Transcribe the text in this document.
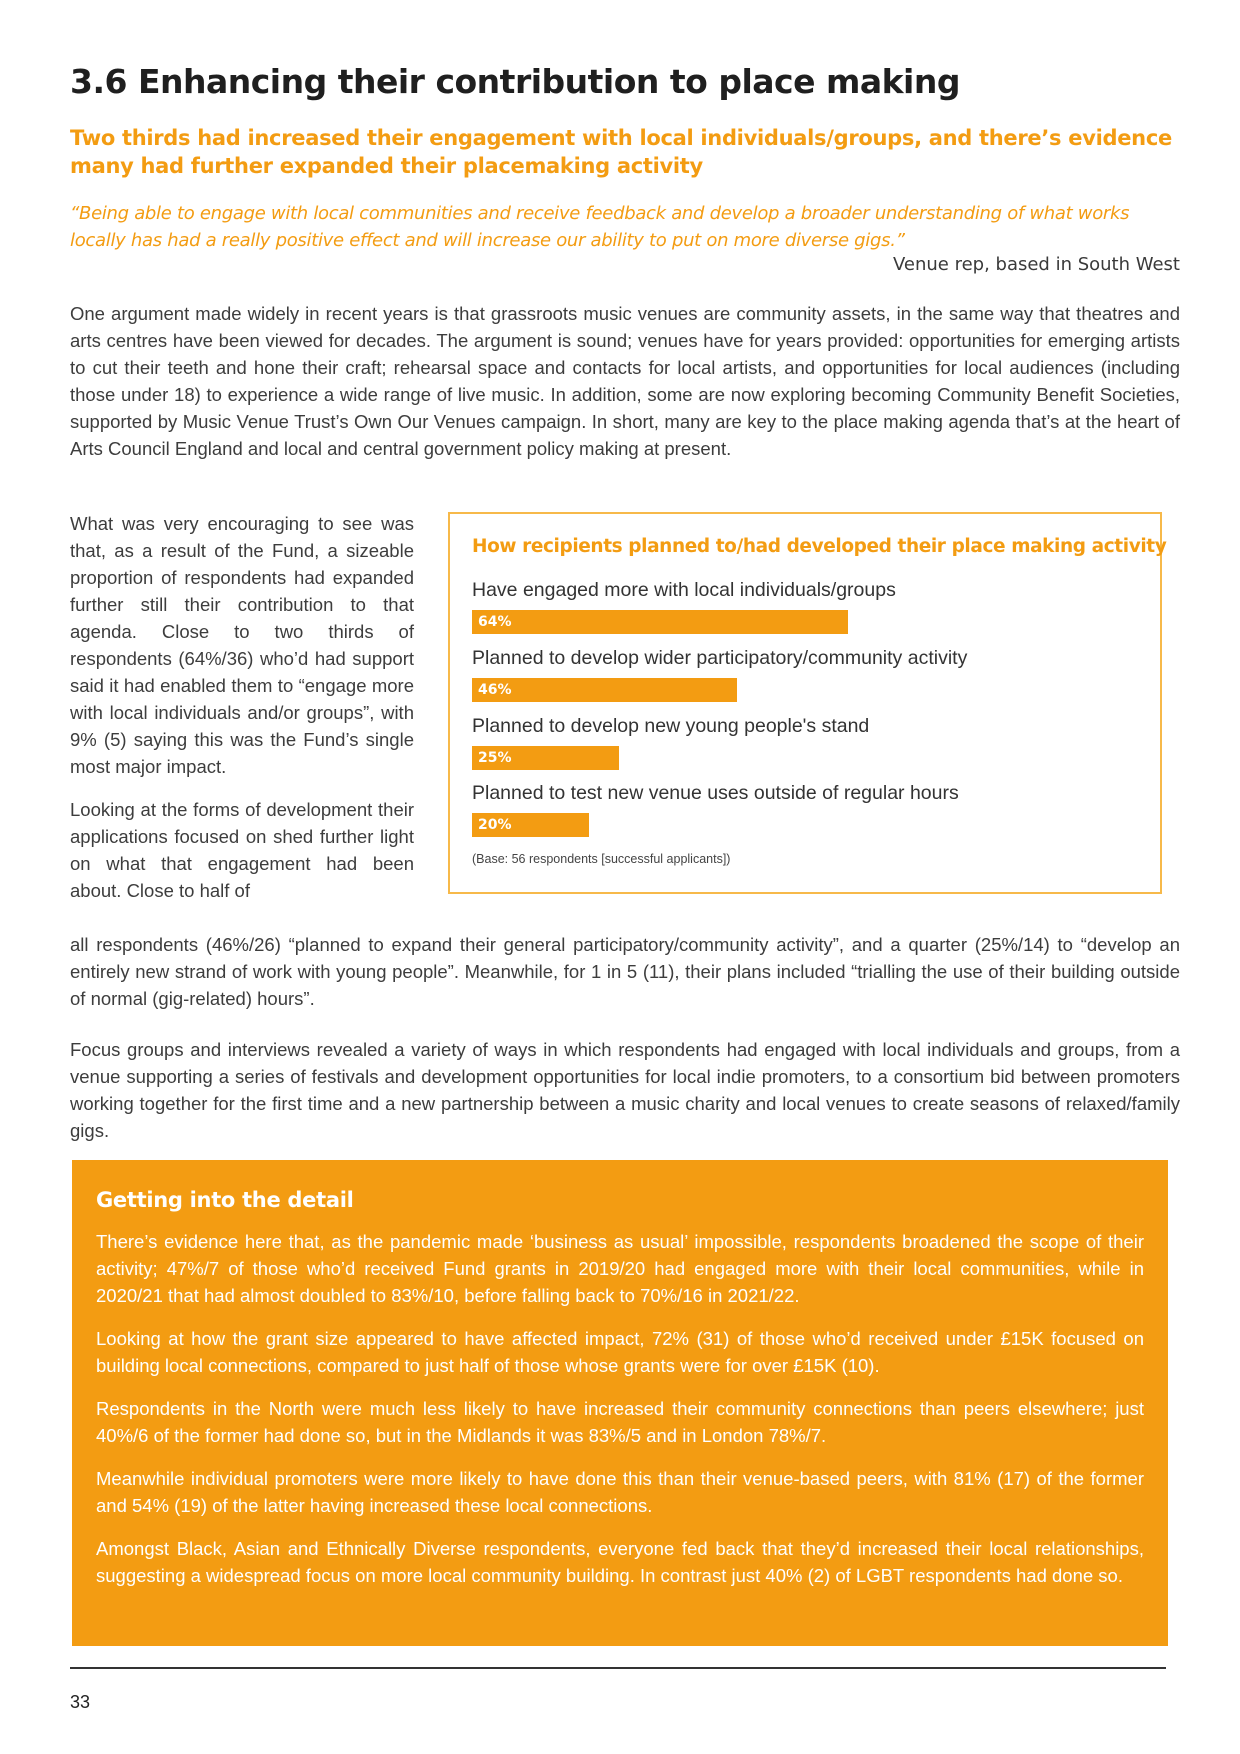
3.6 Enhancing their contribution to place making
Two thirds had increased their engagement with local individuals/groups, and there’s evidence many had further expanded their placemaking activity

“Being able to engage with local communities and receive feedback and develop a broader understanding of what works locally has had a really positive effect and will increase our ability to put on more diverse gigs.”

Venue rep, based in South West

One argument made widely in recent years is that grassroots music venues are community assets, in the same way that theatres and arts centres have been viewed for decades. The argument is sound; venues have for years provided: opportunities for emerging artists to cut their teeth and hone their craft; rehearsal space and contacts for local artists, and opportunities for local audiences (including those under 18) to experience a wide range of live music. In addition, some are now exploring becoming Community Benefit Societies, supported by Music Venue Trust’s Own Our Venues campaign. In short, many are key to the place making agenda that’s at the heart of Arts Council England and local and central government policy making at present.

What was very encouraging to see was that, as a result of the Fund, a sizeable proportion of respondents had expanded further still their contribution to that agenda. Close to two thirds of respondents (64%/36) who’d had support said it had enabled them to “engage more with local individuals and/or groups”, with 9% (5) saying this was the Fund’s single most major impact.

Looking at the forms of development their applications focused on shed further light on what that engagement had been about. Close to half of

How recipients planned to/had developed their place making activity

Have engaged more with local individuals/groups

64%

Planned to develop wider participatory/community activity

46%

Planned to develop new young people's stand

25%

Planned to test new venue uses outside of regular hours

20%

(Base: 56 respondents [successful applicants])

all respondents (46%/26) “planned to expand their general participatory/community activity”, and a quarter (25%/14) to “develop an entirely new strand of work with young people”. Meanwhile, for 1 in 5 (11), their plans included “trialling the use of their building outside of normal (gig-related) hours”.

Focus groups and interviews revealed a variety of ways in which respondents had engaged with local individuals and groups, from a venue supporting a series of festivals and development opportunities for local indie promoters, to a consortium bid between promoters working together for the first time and a new partnership between a music charity and local venues to create seasons of relaxed/family gigs.

Getting into the detail

There’s evidence here that, as the pandemic made ‘business as usual’ impossible, respondents broadened the scope of their activity; 47%/7 of those who’d received Fund grants in 2019/20 had engaged more with their local communities, while in 2020/21 that had almost doubled to 83%/10, before falling back to 70%/16 in 2021/22.

Looking at how the grant size appeared to have affected impact, 72% (31) of those who’d received under £15K focused on building local connections, compared to just half of those whose grants were for over £15K (10).

Respondents in the North were much less likely to have increased their community connections than peers elsewhere; just 40%/6 of the former had done so, but in the Midlands it was 83%/5 and in London 78%/7.

Meanwhile individual promoters were more likely to have done this than their venue-based peers, with 81% (17) of the former and 54% (19) of the latter having increased these local connections.

Amongst Black, Asian and Ethnically Diverse respondents, everyone fed back that they’d increased their local relationships, suggesting a widespread focus on more local community building. In contrast just 40% (2) of LGBT respondents had done so.

33
